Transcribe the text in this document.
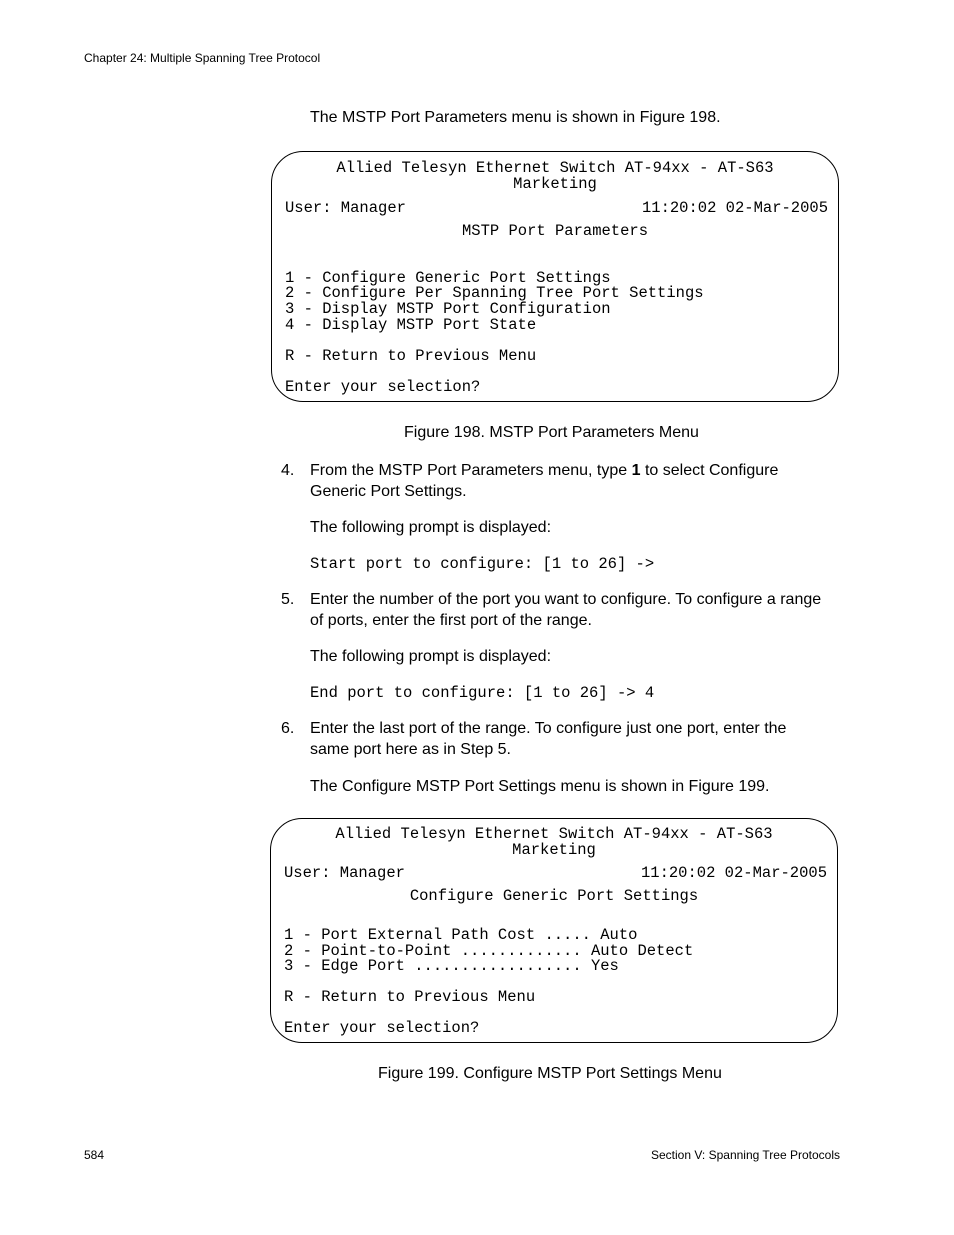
Chapter 24: Multiple Spanning Tree Protocol
The MSTP Port Parameters menu is shown in Figure 198.
Allied Telesyn Ethernet Switch AT-94xx - AT-S63
Marketing
User: Manager	11:20:02 02-Mar-2005
MSTP Port Parameters
1 - Configure Generic Port Settings
2 - Configure Per Spanning Tree Port Settings
3 - Display MSTP Port Configuration
4 - Display MSTP Port State
R - Return to Previous Menu
Enter your selection?
Figure 198. MSTP Port Parameters Menu
4. From the MSTP Port Parameters menu, type 1 to select Configure Generic Port Settings.
The following prompt is displayed:
Start port to configure: [1 to 26] ->
5. Enter the number of the port you want to configure. To configure a range of ports, enter the first port of the range.
The following prompt is displayed:
End port to configure: [1 to 26] -> 4
6. Enter the last port of the range. To configure just one port, enter the same port here as in Step 5.
The Configure MSTP Port Settings menu is shown in Figure 199.
Allied Telesyn Ethernet Switch AT-94xx - AT-S63
Marketing
User: Manager	11:20:02 02-Mar-2005
Configure Generic Port Settings
1 - Port External Path Cost ..... Auto
2 - Point-to-Point ............. Auto Detect
3 - Edge Port .................. Yes
R - Return to Previous Menu
Enter your selection?
Figure 199. Configure MSTP Port Settings Menu
584	Section V: Spanning Tree Protocols
